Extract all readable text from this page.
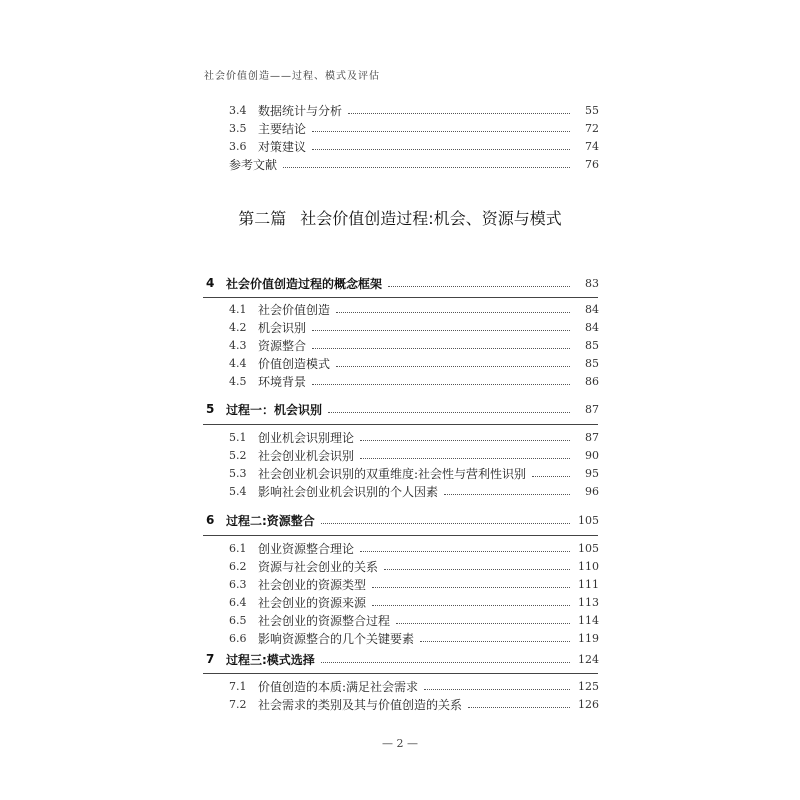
社会价值创造——过程、模式及评估
3.4 数据统计与分析	55
3.5 主要结论	72
3.6 对策建议	74
参考文献	76
4 社会价值创造过程的概念框架	83
4.1 社会价值创造	84
4.2 机会识别	84
4.3 资源整合	85
4.4 价值创造模式	85
4.5 环境背景	86
5 过程一：机会识别	87
5.1 创业机会识别理论	87
5.2 社会创业机会识别	90
5.3 社会创业机会识别的双重维度:社会性与营利性识别	95
5.4 影响社会创业机会识别的个人因素	96
6 过程二:资源整合	105
6.1 创业资源整合理论	105
6.2 资源与社会创业的关系	110
6.3 社会创业的资源类型	111
6.4 社会创业的资源来源	113
6.5 社会创业的资源整合过程	114
6.6 影响资源整合的几个关键要素	119
7 过程三:模式选择	124
7.1 价值创造的本质:满足社会需求	125
7.2 社会需求的类别及其与价值创造的关系	126
第二篇 社会价值创造过程:机会、资源与模式
— 2 —
